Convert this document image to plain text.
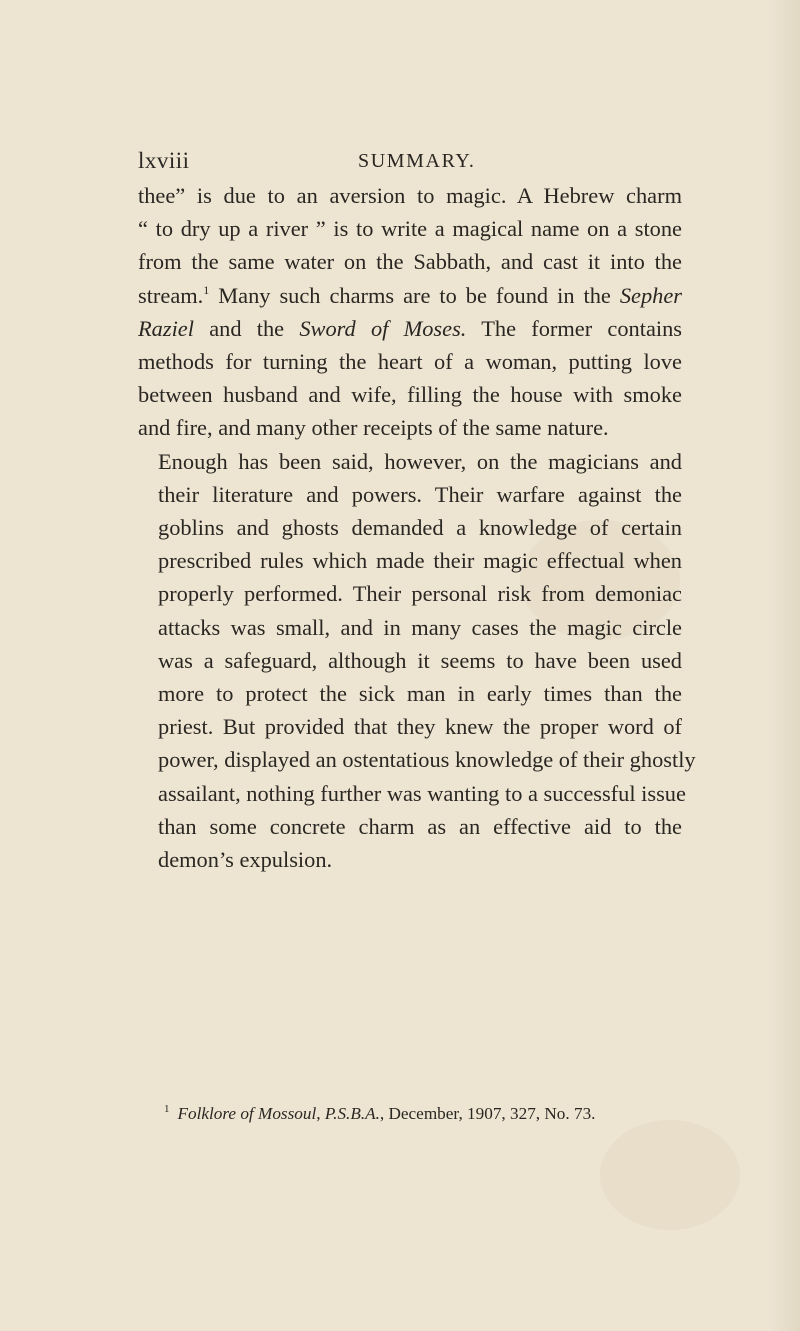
lxviii	SUMMARY.

thee” is due to an aversion to magic. A Hebrew charm
“ to dry up a river ” is to write a magical name on a stone
from the same water on the Sabbath, and cast it into the
stream.$^1$ Many such charms are to be found in the Sepher
Raziel and the Sword of Moses. The former contains
methods for turning the heart of a woman, putting love
between husband and wife, filling the house with smoke
and fire, and many other receipts of the same nature.

Enough has been said, however, on the magicians and
their literature and powers. Their warfare against the
goblins and ghosts demanded a knowledge of certain
prescribed rules which made their magic effectual when
properly performed. Their personal risk from demoniac
attacks was small, and in many cases the magic circle
was a safeguard, although it seems to have been used
more to protect the sick man in early times than the
priest. But provided that they knew the proper word of
power, displayed an ostentatious knowledge of their ghostly
assailant, nothing further was wanting to a successful issue
than some concrete charm as an effective aid to the
demon’s expulsion.

$^1$ Folklore of Mossoul, P.S.B.A., December, 1907, 327, No. 73.
